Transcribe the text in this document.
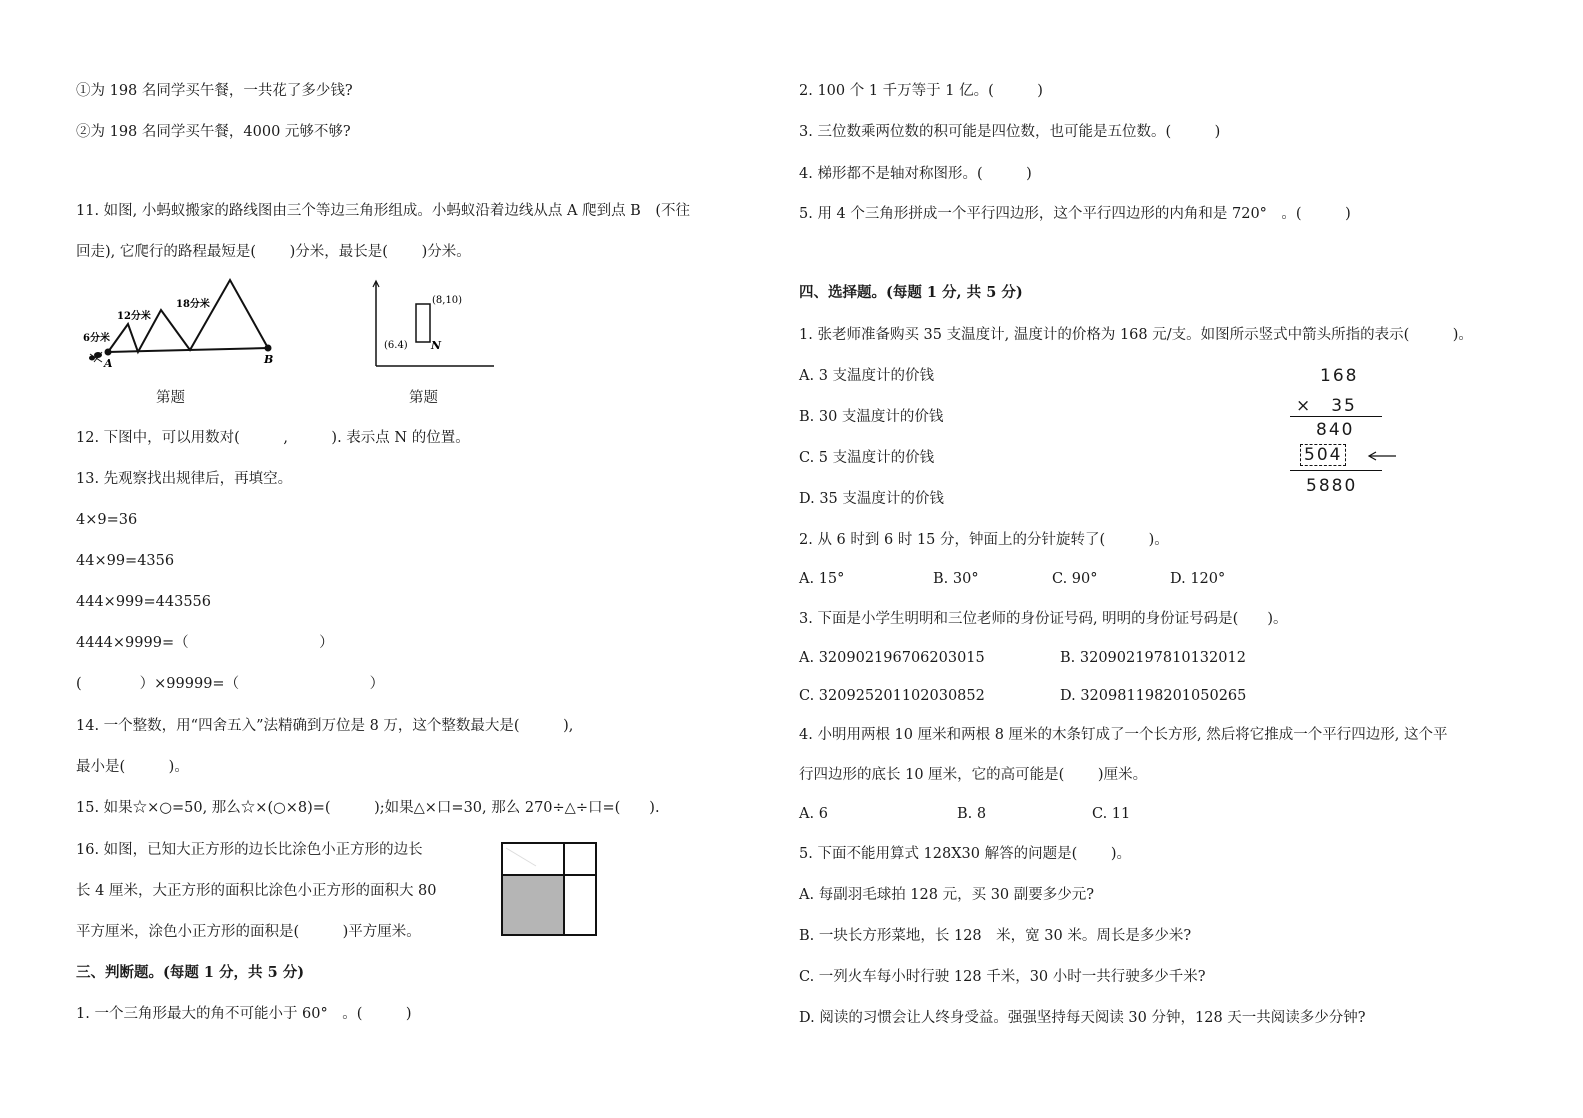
①为 198 名同学买午餐，一共花了多少钱?
②为 198 名同学买午餐，4000 元够不够?
11. 如图, 小蚂蚁搬家的路线图由三个等边三角形组成。小蚂蚁沿着边线从点 A 爬到点 B　(不往
回走), 它爬行的路程最短是(　　 )分米，最长是(　　 )分米。
6分米
12分米
18分米
A	B
第题
(8,10)
(6.4) N
第题
12. 下图中，可以用数对(　　　,　　　). 表示点 N 的位置。
13. 先观察找出规律后，再填空。
4×9=36
44×99=4356
444×999=443556
4444×9999=（　　　　　　　　　）
(　　　　）×99999=（　　　　　　　　　）
14. 一个整数，用“四舍五入”法精确到万位是 8 万，这个整数最大是(　　　),
最小是(　　　)。
15. 如果☆×○=50, 那么☆×(○×8)=(　　　);如果△×口=30, 那么 270÷△÷口=(　　).
16. 如图，已知大正方形的边长比涂色小正方形的边长
长 4 厘米，大正方形的面积比涂色小正方形的面积大 80
平方厘米，涂色小正方形的面积是(　　　)平方厘米。
三、判断题。(每题 1 分，共 5 分)
1. 一个三角形最大的角不可能小于 60°　。(　　　)
2. 100 个 1 千万等于 1 亿。(　　　)
3. 三位数乘两位数的积可能是四位数，也可能是五位数。(　　　)
4. 梯形都不是轴对称图形。(　　　)
5. 用 4 个三角形拼成一个平行四边形，这个平行四边形的内角和是 720°　。(　　　)
四、选择题。(每题 1 分, 共 5 分)
1. 张老师准备购买 35 支温度计, 温度计的价格为 168 元/支。如图所示竖式中箭头所指的表示(　　　)。
A. 3 支温度计的价钱
B. 30 支温度计的价钱
C. 5 支温度计的价钱
D. 35 支温度计的价钱
168
×　35
840
504
5880
2. 从 6 时到 6 时 15 分，钟面上的分针旋转了(　　　)。
A. 15°	B. 30°	C. 90°	D. 120°
3. 下面是小学生明明和三位老师的身份证号码, 明明的身份证号码是(　　)。
A. 320902196706203015	B. 320902197810132012
C. 320925201102030852	D. 320981198201050265
4. 小明用两根 10 厘米和两根 8 厘米的木条钉成了一个长方形, 然后将它推成一个平行四边形, 这个平
行四边形的底长 10 厘米，它的高可能是(　　 )厘米。
A. 6	B. 8	C. 11
5. 下面不能用算式 128X30 解答的问题是(　　 )。
A. 每副羽毛球拍 128 元，买 30 副要多少元?
B. 一块长方形菜地，长 128　米，宽 30 米。周长是多少米?
C. 一列火车每小时行驶 128 千米，30 小时一共行驶多少千米?
D. 阅读的习惯会让人终身受益。强强坚持每天阅读 30 分钟，128 天一共阅读多少分钟?
